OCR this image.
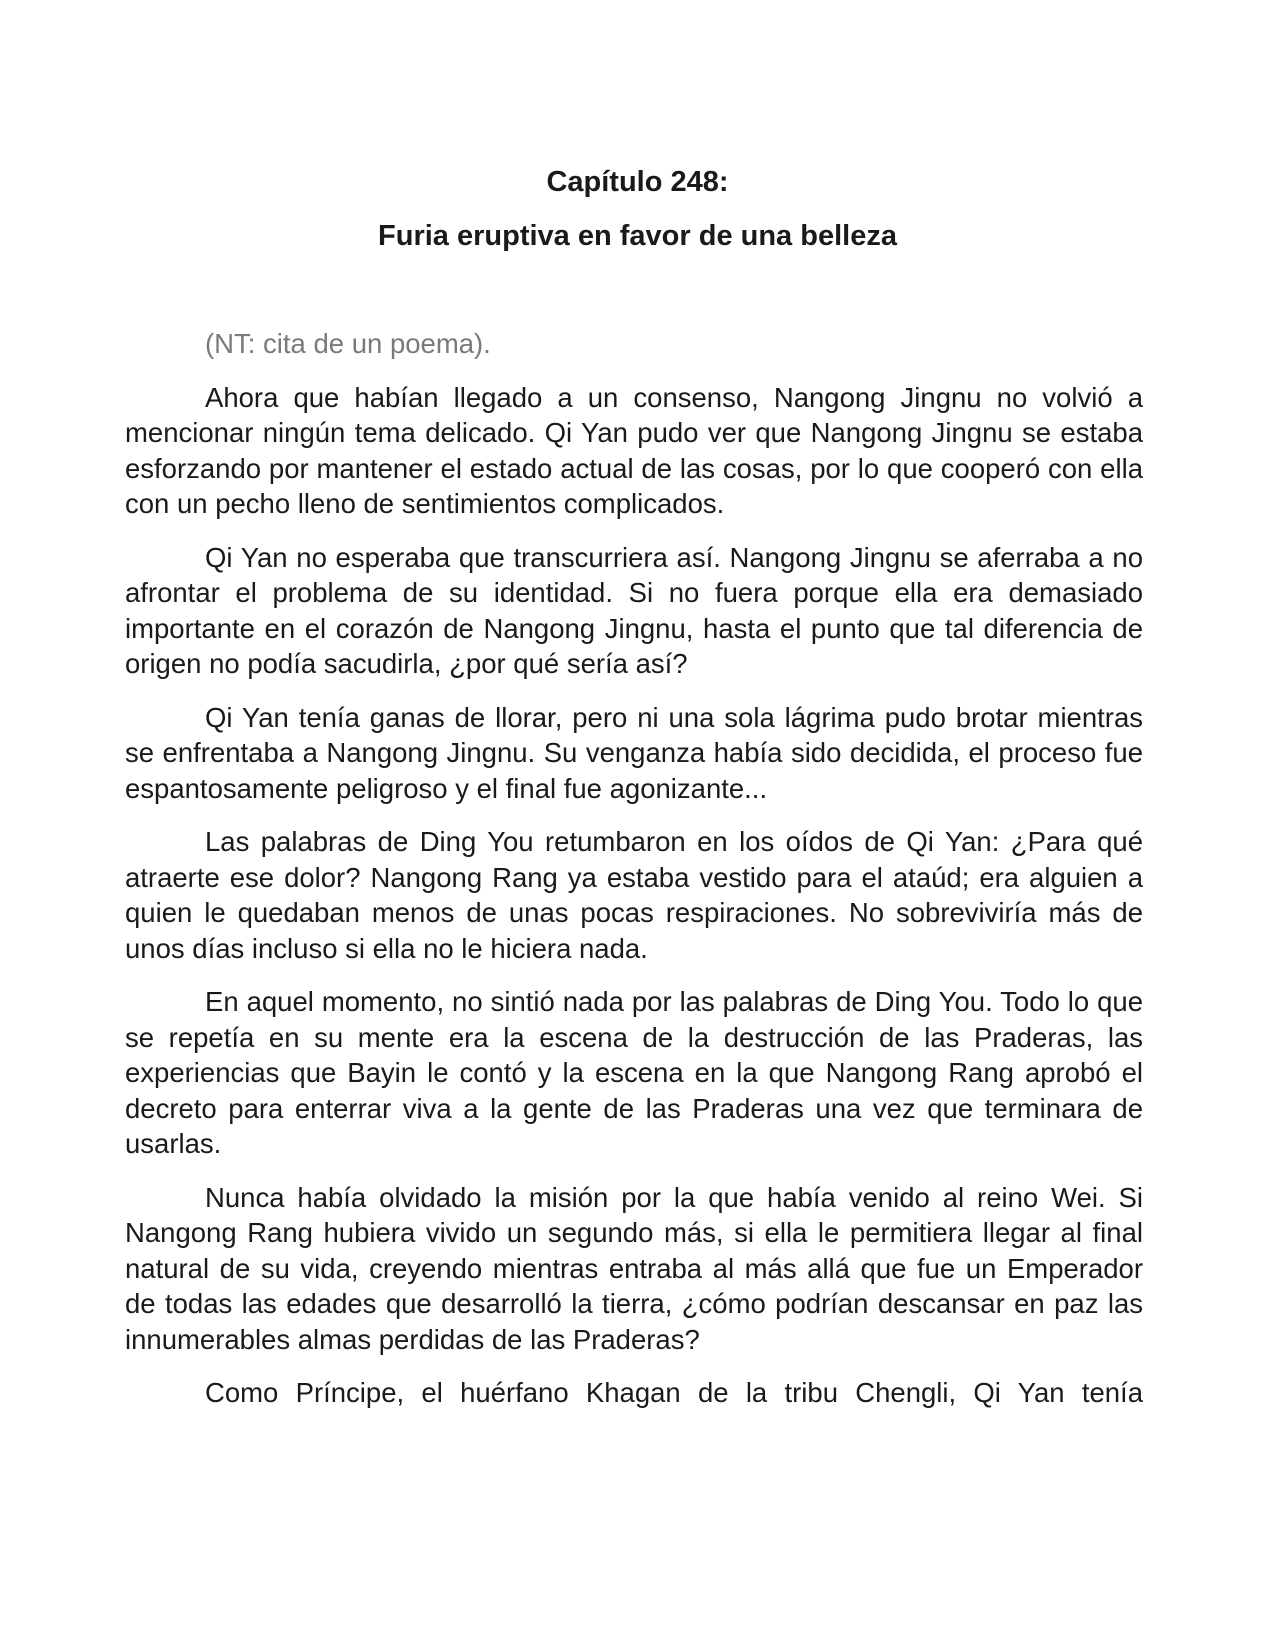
Capítulo 248:
Furia eruptiva en favor de una belleza

(NT: cita de un poema).

Ahora que habían llegado a un consenso, Nangong Jingnu no volvió a mencionar ningún tema delicado. Qi Yan pudo ver que Nangong Jingnu se estaba esforzando por mantener el estado actual de las cosas, por lo que cooperó con ella con un pecho lleno de sentimientos complicados.

Qi Yan no esperaba que transcurriera así. Nangong Jingnu se aferraba a no afrontar el problema de su identidad. Si no fuera porque ella era demasiado importante en el corazón de Nangong Jingnu, hasta el punto que tal diferencia de origen no podía sacudirla, ¿por qué sería así?

Qi Yan tenía ganas de llorar, pero ni una sola lágrima pudo brotar mientras se enfrentaba a Nangong Jingnu. Su venganza había sido decidida, el proceso fue espantosamente peligroso y el final fue agonizante...

Las palabras de Ding You retumbaron en los oídos de Qi Yan: ¿Para qué atraerte ese dolor? Nangong Rang ya estaba vestido para el ataúd; era alguien a quien le quedaban menos de unas pocas respiraciones. No sobreviviría más de unos días incluso si ella no le hiciera nada.

En aquel momento, no sintió nada por las palabras de Ding You. Todo lo que se repetía en su mente era la escena de la destrucción de las Praderas, las experiencias que Bayin le contó y la escena en la que Nangong Rang aprobó el decreto para enterrar viva a la gente de las Praderas una vez que terminara de usarlas.

Nunca había olvidado la misión por la que había venido al reino Wei. Si Nangong Rang hubiera vivido un segundo más, si ella le permitiera llegar al final natural de su vida, creyendo mientras entraba al más allá que fue un Emperador de todas las edades que desarrolló la tierra, ¿cómo podrían descansar en paz las innumerables almas perdidas de las Praderas?

Como Príncipe, el huérfano Khagan de la tribu Chengli, Qi Yan tenía
